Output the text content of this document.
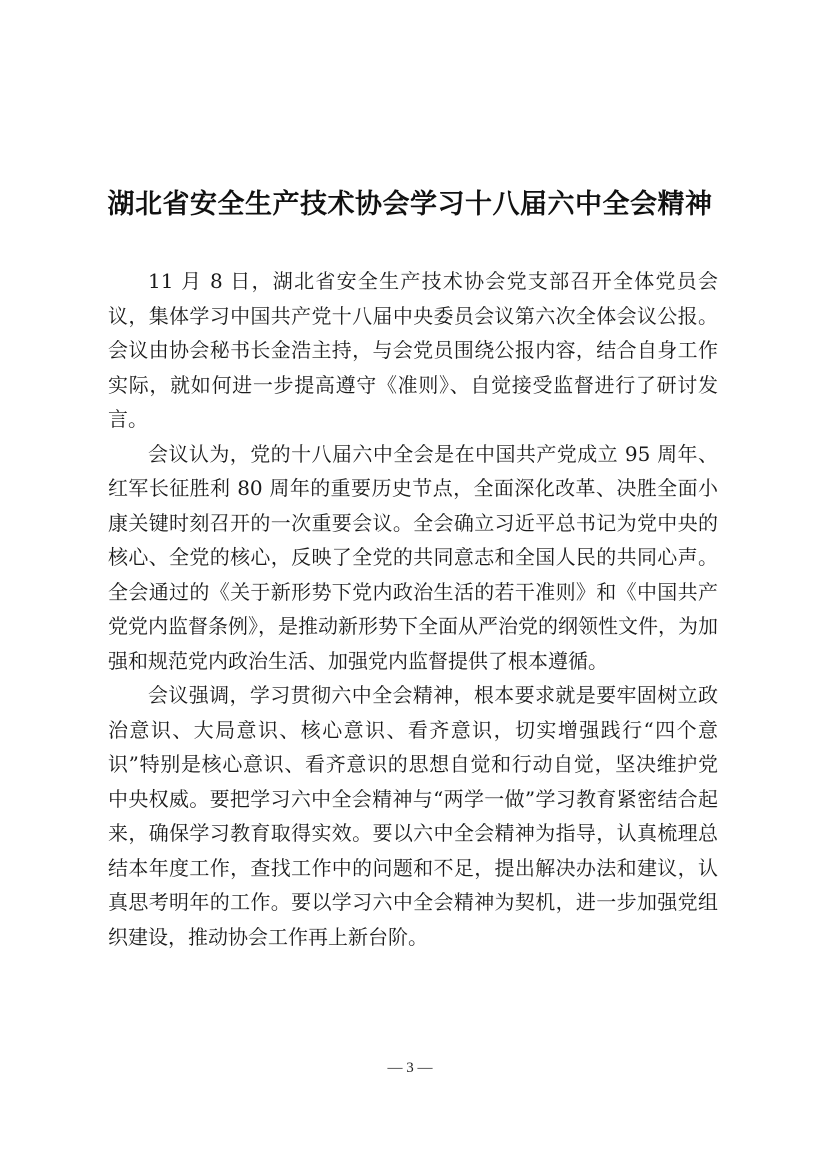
湖北省安全生产技术协会学习十八届六中全会精神

11 月 8 日，湖北省安全生产技术协会党支部召开全体党员会议，集体学习中国共产党十八届中央委员会议第六次全体会议公报。会议由协会秘书长金浩主持，与会党员围绕公报内容，结合自身工作实际，就如何进一步提高遵守《准则》、自觉接受监督进行了研讨发言。

会议认为，党的十八届六中全会是在中国共产党成立 95 周年、红军长征胜利 80 周年的重要历史节点，全面深化改革、决胜全面小康关键时刻召开的一次重要会议。全会确立习近平总书记为党中央的核心、全党的核心，反映了全党的共同意志和全国人民的共同心声。全会通过的《关于新形势下党内政治生活的若干准则》和《中国共产党党内监督条例》，是推动新形势下全面从严治党的纲领性文件，为加强和规范党内政治生活、加强党内监督提供了根本遵循。

会议强调，学习贯彻六中全会精神，根本要求就是要牢固树立政治意识、大局意识、核心意识、看齐意识，切实增强践行“四个意识”特别是核心意识、看齐意识的思想自觉和行动自觉，坚决维护党中央权威。要把学习六中全会精神与“两学一做”学习教育紧密结合起来，确保学习教育取得实效。要以六中全会精神为指导，认真梳理总结本年度工作，查找工作中的问题和不足，提出解决办法和建议，认真思考明年的工作。要以学习六中全会精神为契机，进一步加强党组织建设，推动协会工作再上新台阶。

— 3 —
